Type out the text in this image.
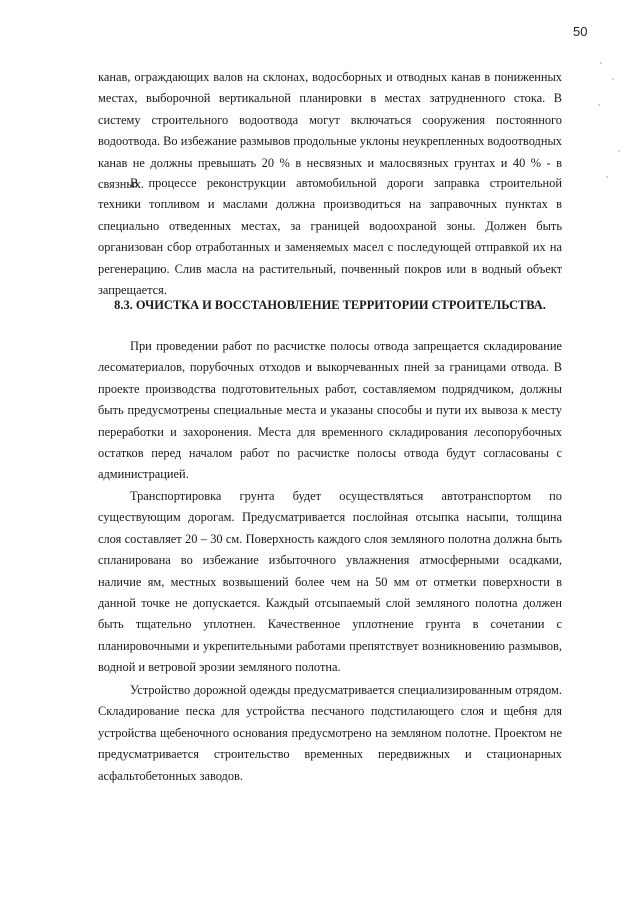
50

канав, ограждающих валов на склонах, водосборных и отводных канав в пониженных местах, выборочной вертикальной планировки в местах затрудненного стока. В систему строительного водоотвода могут включаться сооружения постоянного водоотвода. Во избежание размывов продольные уклоны неукрепленных водоотводных канав не должны превышать 20 % в несвязных и малосвязных грунтах и 40 % - в связных.

В процессе реконструкции автомобильной дороги заправка строительной техники топливом и маслами должна производиться на заправочных пунктах в специально отведенных местах, за границей водоохраной зоны. Должен быть организован сбор отработанных и заменяемых масел с последующей отправкой их на регенерацию. Слив масла на растительный, почвенный покров или в водный объект запрещается.

8.3. ОЧИСТКА И ВОССТАНОВЛЕНИЕ ТЕРРИТОРИИ СТРОИТЕЛЬСТВА.

При проведении работ по расчистке полосы отвода запрещается складирование лесоматериалов, порубочных отходов и выкорчеванных пней за границами отвода. В проекте производства подготовительных работ, составляемом подрядчиком, должны быть предусмотрены специальные места и указаны способы и пути их вывоза к месту переработки и захоронения. Места для временного складирования лесопорубочных остатков перед началом работ по расчистке полосы отвода будут согласованы с администрацией.

Транспортировка грунта будет осуществляться автотранспортом по существующим дорогам. Предусматривается послойная отсыпка насыпи, толщина слоя составляет 20 – 30 см. Поверхность каждого слоя земляного полотна должна быть спланирована во избежание избыточного увлажнения атмосферными осадками, наличие ям, местных возвышений более чем на 50 мм от отметки поверхности в данной точке не допускается. Каждый отсыпаемый слой земляного полотна должен быть тщательно уплотнен. Качественное уплотнение грунта в сочетании с планировочными и укрепительными работами препятствует возникновению размывов, водной и ветровой эрозии земляного полотна.

Устройство дорожной одежды предусматривается специализированным отрядом. Складирование песка для устройства песчаного подстилающего слоя и щебня для устройства щебеночного основания предусмотрено на земляном полотне. Проектом не предусматривается строительство временных передвижных и стационарных асфальтобетонных заводов.
